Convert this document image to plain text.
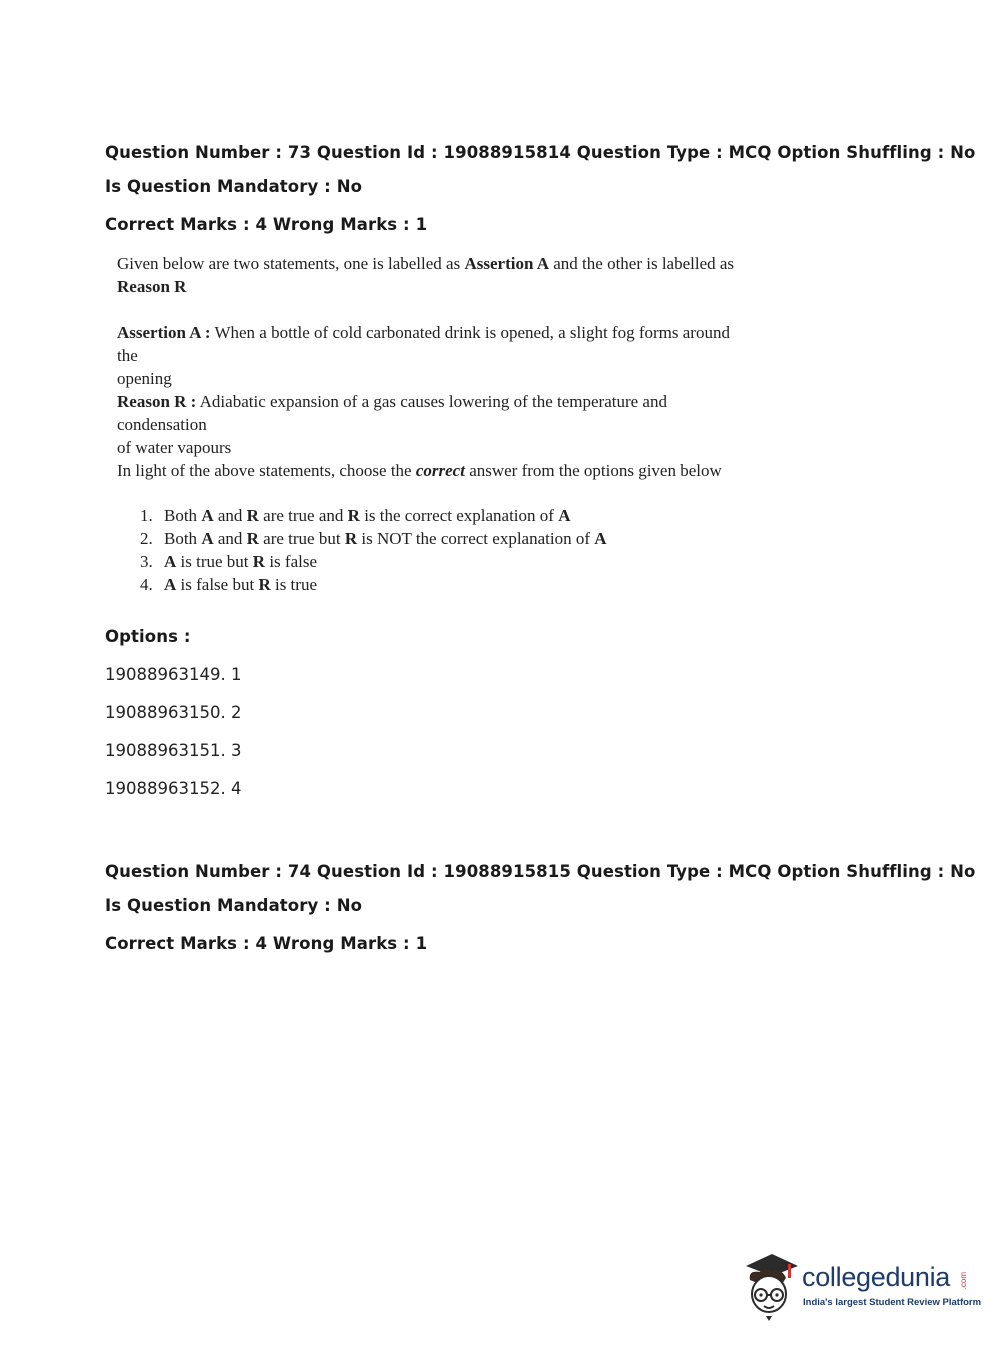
Question Number : 73 Question Id : 19088915814 Question Type : MCQ Option Shuffling : No

Is Question Mandatory : No

Correct Marks : 4 Wrong Marks : 1

Given below are two statements, one is labelled as Assertion A and the other is labelled as
Reason R

Assertion A : When a bottle of cold carbonated drink is opened, a slight fog forms around the
opening

Reason R : Adiabatic expansion of a gas causes lowering of the temperature and condensation
of water vapours

In light of the above statements, choose the correct answer from the options given below

1. Both A and R are true and R is the correct explanation of A
2. Both A and R are true but R is NOT the correct explanation of A
3. A is true but R is false
4. A is false but R is true

Options :

19088963149. 1

19088963150. 2

19088963151. 3

19088963152. 4

Question Number : 74 Question Id : 19088915815 Question Type : MCQ Option Shuffling : No

Is Question Mandatory : No

Correct Marks : 4 Wrong Marks : 1

collegedunia .com
India's largest Student Review Platform
